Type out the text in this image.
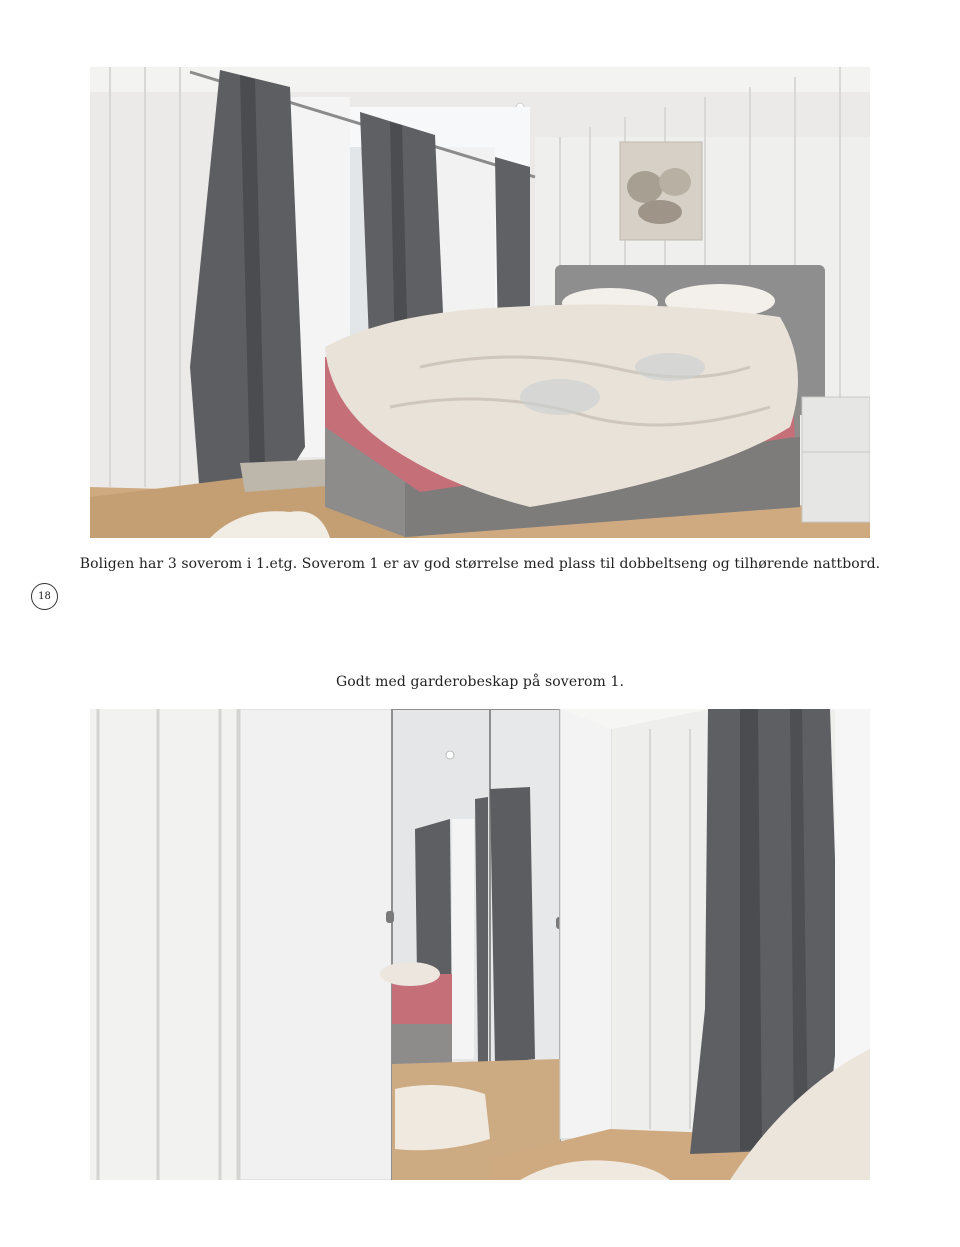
Boligen har 3 soverom i 1.etg. Soverom 1 er av god størrelse med plass til dobbeltseng og tilhørende nattbord.
18
Godt med garderobeskap på soverom 1.
